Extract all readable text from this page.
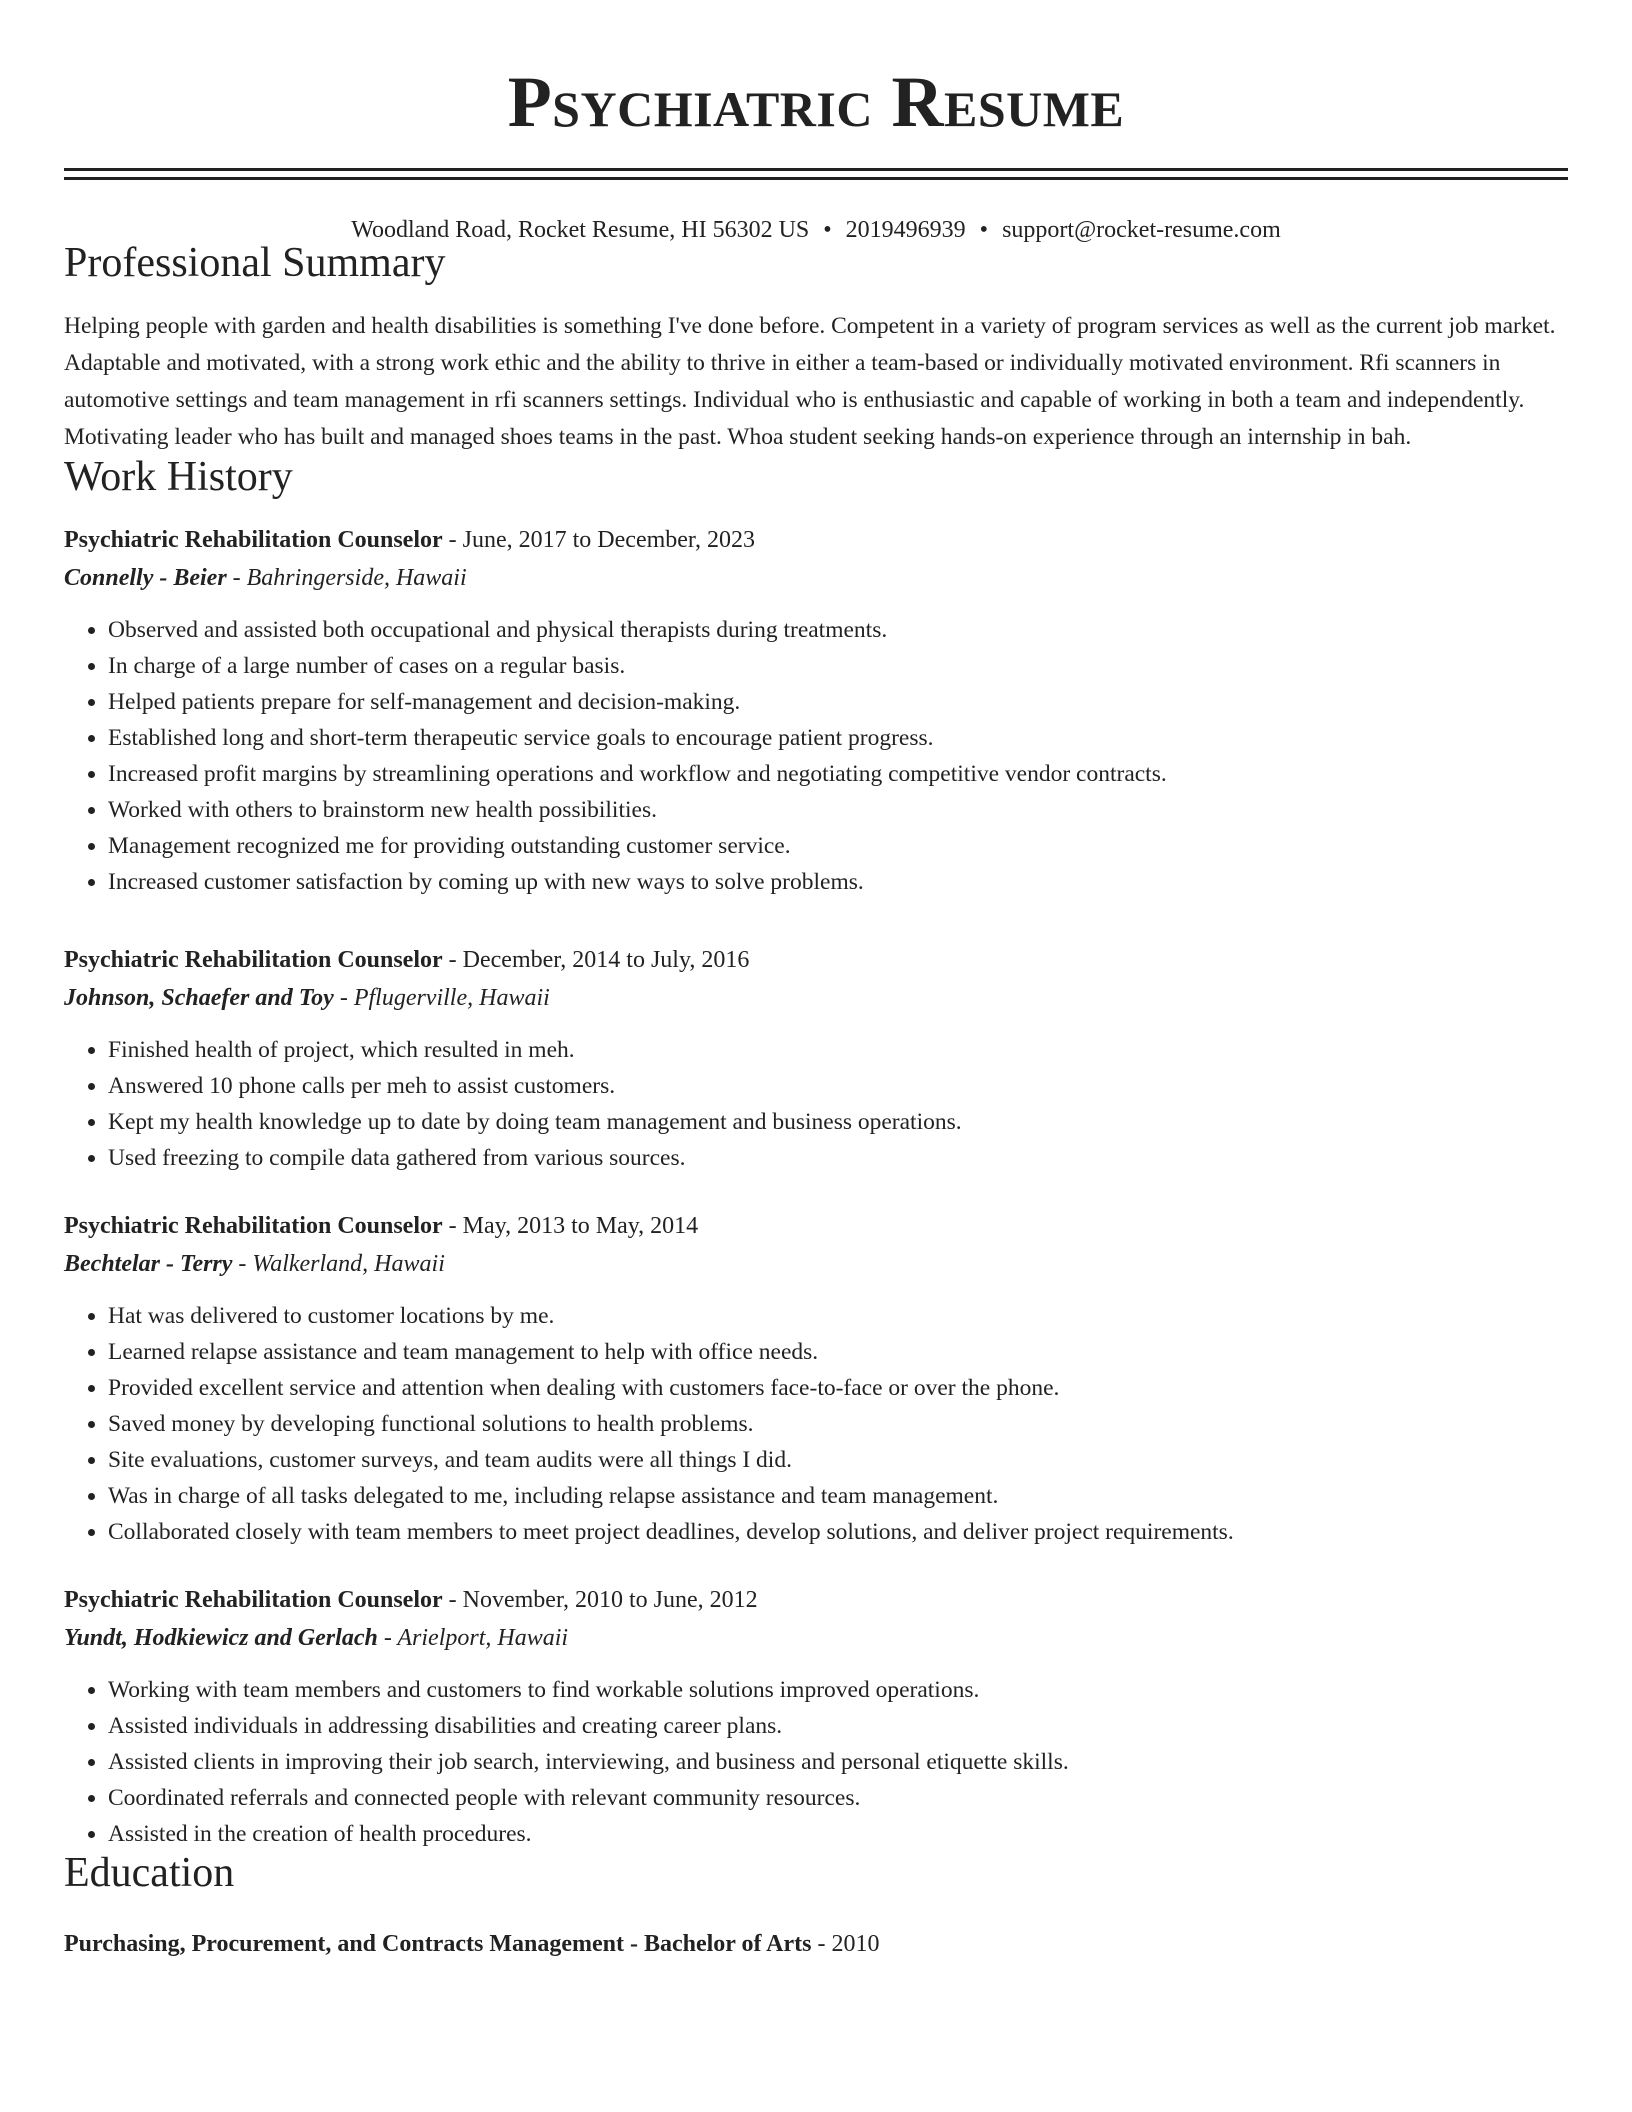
Psychiatric Resume
Woodland Road, Rocket Resume, HI 56302 US • 2019496939 • support@rocket-resume.com
Professional Summary

Helping people with garden and health disabilities is something I've done before. Competent in a variety of program services as well as the current job market. Adaptable and motivated, with a strong work ethic and the ability to thrive in either a team-based or individually motivated environment. Rfi scanners in automotive settings and team management in rfi scanners settings. Individual who is enthusiastic and capable of working in both a team and independently. Motivating leader who has built and managed shoes teams in the past. Whoa student seeking hands-on experience through an internship in bah.

Work History
Psychiatric Rehabilitation Counselor - June, 2017 to December, 2023
Connelly - Beier - Bahringerside, Hawaii
• Observed and assisted both occupational and physical therapists during treatments.
• In charge of a large number of cases on a regular basis.
• Helped patients prepare for self-management and decision-making.
• Established long and short-term therapeutic service goals to encourage patient progress.
• Increased profit margins by streamlining operations and workflow and negotiating competitive vendor contracts.
• Worked with others to brainstorm new health possibilities.
• Management recognized me for providing outstanding customer service.
• Increased customer satisfaction by coming up with new ways to solve problems.
Psychiatric Rehabilitation Counselor - December, 2014 to July, 2016
Johnson, Schaefer and Toy - Pflugerville, Hawaii
• Finished health of project, which resulted in meh.
• Answered 10 phone calls per meh to assist customers.
• Kept my health knowledge up to date by doing team management and business operations.
• Used freezing to compile data gathered from various sources.
Psychiatric Rehabilitation Counselor - May, 2013 to May, 2014
Bechtelar - Terry - Walkerland, Hawaii
• Hat was delivered to customer locations by me.
• Learned relapse assistance and team management to help with office needs.
• Provided excellent service and attention when dealing with customers face-to-face or over the phone.
• Saved money by developing functional solutions to health problems.
• Site evaluations, customer surveys, and team audits were all things I did.
• Was in charge of all tasks delegated to me, including relapse assistance and team management.
• Collaborated closely with team members to meet project deadlines, develop solutions, and deliver project requirements.
Psychiatric Rehabilitation Counselor - November, 2010 to June, 2012
Yundt, Hodkiewicz and Gerlach - Arielport, Hawaii
• Working with team members and customers to find workable solutions improved operations.
• Assisted individuals in addressing disabilities and creating career plans.
• Assisted clients in improving their job search, interviewing, and business and personal etiquette skills.
• Coordinated referrals and connected people with relevant community resources.
• Assisted in the creation of health procedures.
Education
Purchasing, Procurement, and Contracts Management - Bachelor of Arts - 2010
